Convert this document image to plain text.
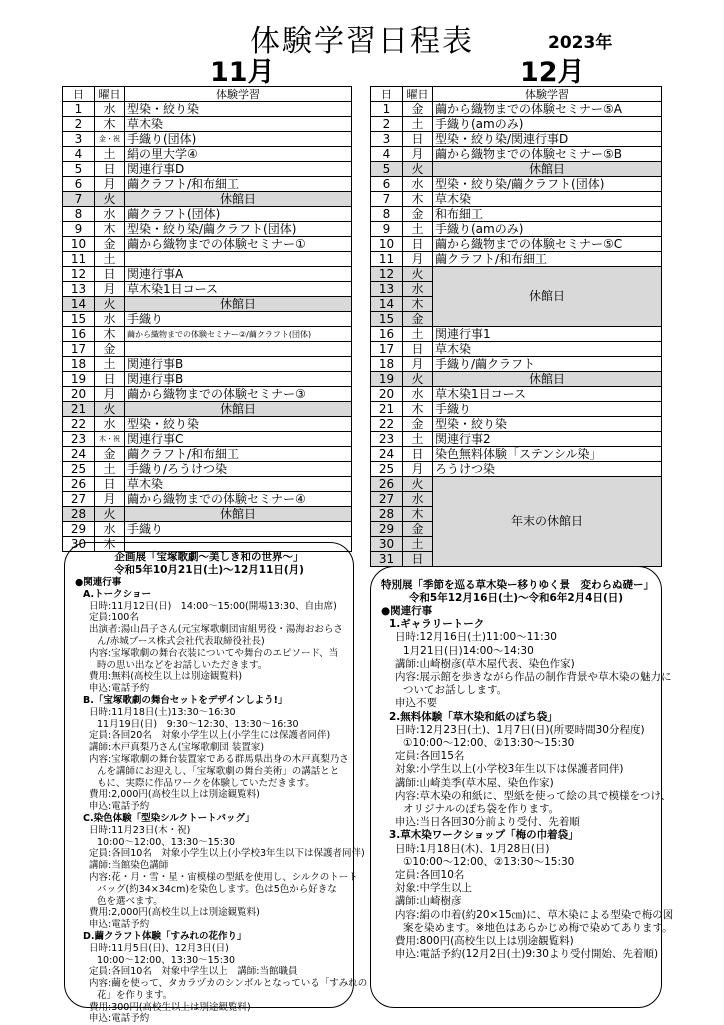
体験学習日程表	2023年
11月	12月
日	曜日	体験学習
1	水	型染・絞り染
2	木	草木染
3	金・祝	手織り(団体)
4	土	絹の里大学④
5	日	関連行事D
6	月	繭クラフト/和布細工
7	火	休館日
8	水	繭クラフト(団体)
9	木	型染・絞り染/繭クラフト(団体)
10	金	繭から織物までの体験セミナー①
11	土	
12	日	関連行事A
13	月	草木染1日コース
14	火	休館日
15	水	手織り
16	木	繭から織物までの体験セミナー②/繭クラフト(団体)
17	金	
18	土	関連行事B
19	日	関連行事B
20	月	繭から織物までの体験セミナー③
21	火	休館日
22	水	型染・絞り染
23	木・祝	関連行事C
24	金	繭クラフト/和布細工
25	土	手織り/ろうけつ染
26	日	草木染
27	月	繭から織物までの体験セミナー④
28	火	休館日
29	水	手織り
30	木	
日	曜日	体験学習
1	金	繭から織物までの体験セミナー⑤A
2	土	手織り(amのみ)
3	日	型染・絞り染/関連行事D
4	月	繭から織物までの体験セミナー⑤B
5	火	休館日
6	水	型染・絞り染/繭クラフト(団体)
7	木	草木染
8	金	和布細工
9	土	手織り(amのみ)
10	日	繭から織物までの体験セミナー⑤C
11	月	繭クラフト/和布細工
12	火	休館日
13	水	
14	木	
15	金	
16	土	関連行事1
17	日	草木染
18	月	手織り/繭クラフト
19	火	休館日
20	水	草木染1日コース
21	木	手織り
22	金	型染・絞り染
23	土	関連行事2
24	日	染色無料体験「ステンシル染」
25	月	ろうけつ染
26	火	年末の休館日
27	水	
28	木	
29	金	
30	土	
31	日	
企画展「宝塚歌劇～美しき和の世界～」
令和5年10月21日(土)～12月11日(月)
●関連行事
A.トークショー
日時:11月12日(日)　14:00～15:00(開場13:30、自由席)
定員:100名
出演者:湯山昌子さん(元宝塚歌劇団宙組男役・湯海おおらさ
ん/赤城ブース株式会社代表取締役社長)
内容:宝塚歌劇の舞台衣装についてや舞台のエピソード、当
時の思い出などをお話しいただきます。
費用:無料(高校生以上は別途観覧料)
申込:電話予約
B.「宝塚歌劇の舞台セットをデザインしよう!」
日時:11月18日(土)13:30～16:30
11月19日(日)　9:30～12:30、13:30～16:30
定員:各回20名　対象小学生以上(小学生には保護者同伴)
講師:木戸真梨乃さん(宝塚歌劇団 装置家)
内容:宝塚歌劇の舞台装置家である群馬県出身の木戸真梨乃さ
んを講師にお迎えし、「宝塚歌劇の舞台美術」の講話とと
もに、実際に作品ワークを体験していただきます。
費用:2,000円(高校生以上は別途観覧料)
申込:電話予約
C.染色体験「型染シルクトートバッグ」
日時:11月23日(木・祝)
10:00～12:00、13:30～15:30
定員:各回10名　対象小学生以上(小学校3年生以下は保護者同伴)
講師:当館染色講師
内容:花・月・雪・星・宙模様の型紙を使用し、シルクのトート
バッグ(約34×34cm)を染色します。色は5色から好きな
色を選べます。
費用:2,000円(高校生以上は別途観覧料)
申込:電話予約
D.繭クラフト体験「すみれの花作り」
日時:11月5日(日)、12月3日(日)
10:00～12:00、13:30～15:30
定員:各回10名　対象中学生以上　講師:当館職員
内容:繭を使って、タカラヅカのシンボルとなっている「すみれの
花」を作ります。
費用:300円(高校生以上は別途観覧料)
申込:電話予約
特別展「季節を巡る草木染ー移りゆく景　変わらぬ礎ー」
令和5年12月16日(土)～令和6年2月4日(日)
●関連行事
1.ギャラリートーク
日時:12月16日(土)11:00～11:30
1月21日(日)14:00～14:30
講師:山崎樹彦(草木屋代表、染色作家)
内容:展示館を歩きながら作品の制作背景や草木染の魅力に
ついてお話しします。
申込不要
2.無料体験「草木染和紙のぽち袋」
日時:12月23日(土)、1月7日(日)(所要時間30分程度)
①10:00～12:00、②13:30～15:30
定員:各回15名
対象:小学生以上(小学校3年生以下は保護者同伴)
講師:山崎美季(草木屋、染色作家)
内容:草木染の和紙に、型紙を使って絵の具で模様をつけ、
オリジナルのぽち袋を作ります。
申込:当日各回30分前より受付、先着順
3.草木染ワークショップ「梅の巾着袋」
日時:1月18日(木)、1月28日(日)
①10:00～12:00、②13:30～15:30
定員:各回10名
対象:中学生以上
講師:山崎樹彦
内容:絹の巾着(約20×15㎝)に、草木染による型染で梅の図
案を染めます。※地色はあらかじめ梅で染めてあります。
費用:800円(高校生以上は別途観覧料)
申込:電話予約(12月2日(土)9:30より受付開始、先着順)
